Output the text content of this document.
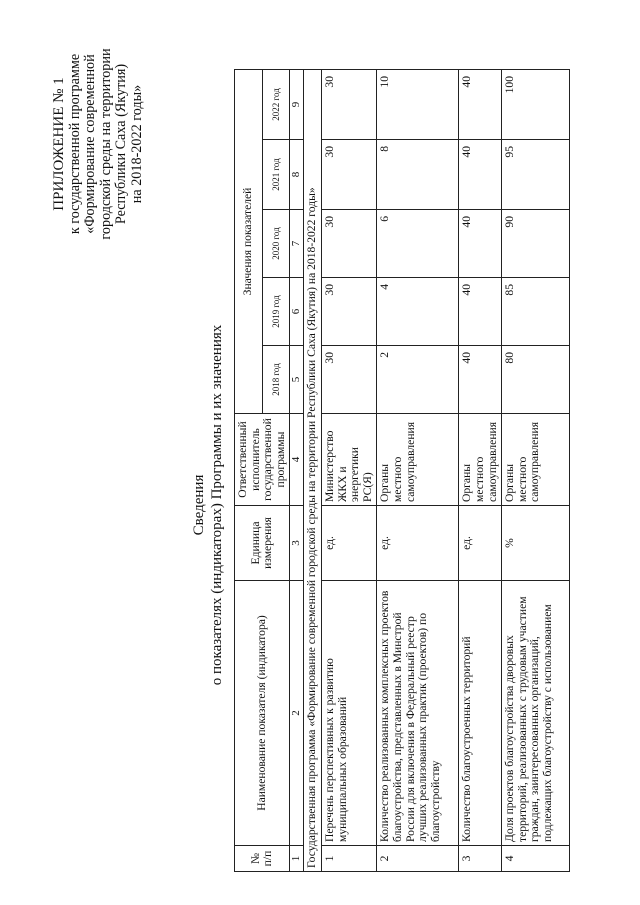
ПРИЛОЖЕНИЕ № 1 к государственной программе «Формирование современной городской среды на территории Республики Саха (Якутия) на 2018-2022 годы»
Сведения о показателях (индикаторах) Программы и их значениях
№ п/п	Наименование показателя (индикатора)	Единица измерения	Ответственный исполнитель государственной программы	Значения показателей				
				2018 год	2019 год	2020 год	2021 год	2022 год
1	2	3	4	5	6	7	8	9
Государственная программа «Формирование современной городской среды на территории Республики Саха (Якутия) на 2018-2022 годы»								
1	Перечень перспективных к развитию муниципальных образований	ед.	Министерство ЖКХ и энергетики РС(Я)	30	30	30	30	30
2	Количество реализованных комплексных проектов благоустройства, представленных в Минстрой России для включения в Федеральный реестр лучших реализованных практик (проектов) по благоустройству	ед.	Органы местного самоуправления	2	4	6	8	10
3	Количество благоустроенных территорий	ед.	Органы местного самоуправления	40	40	40	40	40
4	Доля проектов благоустройства дворовых территорий, реализованных с трудовым участием граждан, заинтересованных организаций, подлежащих благоустройству с использованием	%	Органы местного самоуправления	80	85	90	95	100
